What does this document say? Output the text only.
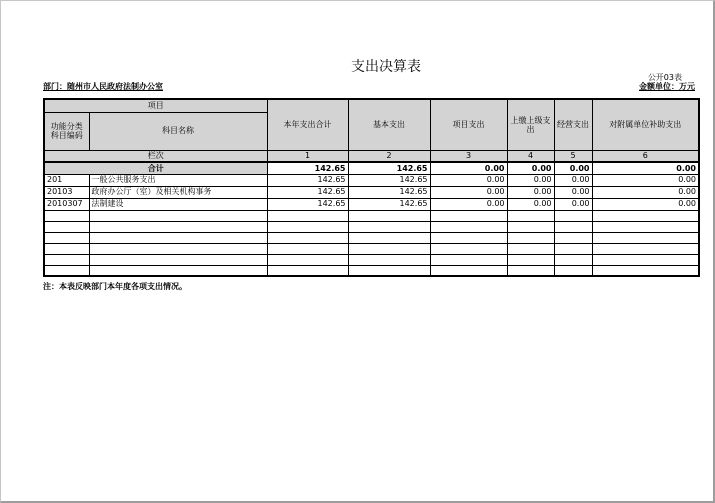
支出决算表
公开03表
部门：随州市人民政府法制办公室	金额单位：万元
项目		本年支出合计	基本支出	项目支出	上缴上级支出	经营支出	对附属单位补助支出
功能分类科目编码	科目名称						
栏次		1	2	3	4	5	6
合计		142.65	142.65	0.00	0.00	0.00	0.00
201	一般公共服务支出	142.65	142.65	0.00	0.00	0.00	0.00
20103	政府办公厅（室）及相关机构事务	142.65	142.65	0.00	0.00	0.00	0.00
2010307	法制建设	142.65	142.65	0.00	0.00	0.00	0.00

注：本表反映部门本年度各项支出情况。
